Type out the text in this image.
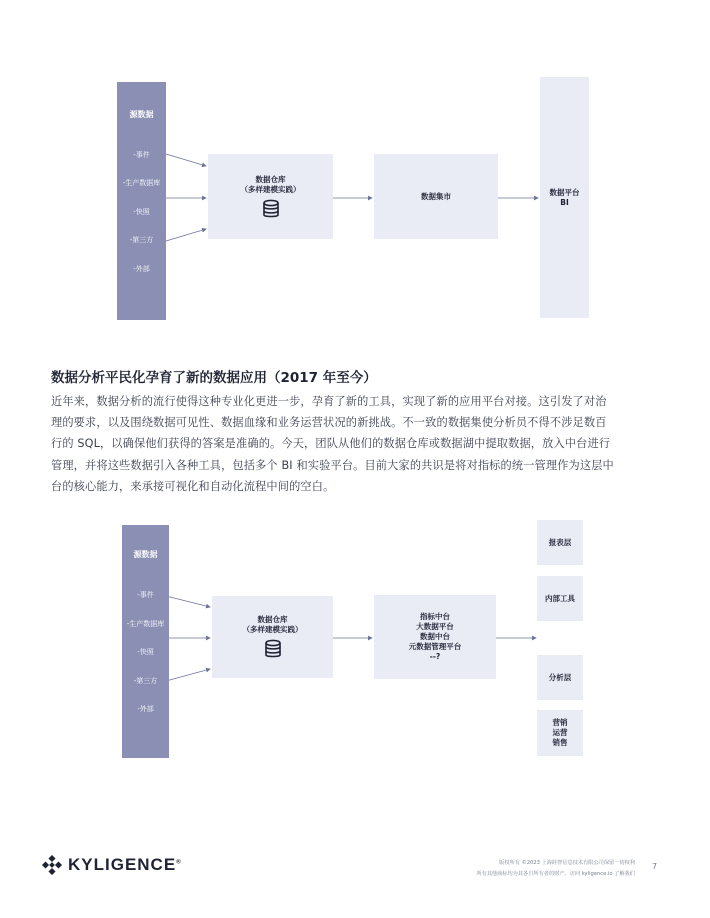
源数据

-事件

-生产数据库

-快照

-第三方

-外部

数据仓库
（多样建模实践）
数据集市	数据平台
BI
数据分析平民化孕育了新的数据应用（2017 年至今）
近年来，数据分析的流行使得这种专业化更进一步，孕育了新的工具，实现了新的应用平台对接。这引发了对治
理的要求，以及围绕数据可见性、数据血缘和业务运营状况的新挑战。不一致的数据集使分析员不得不涉足数百
行的 SQL，以确保他们获得的答案是准确的。今天，团队从他们的数据仓库或数据湖中提取数据，放入中台进行
管理，并将这些数据引入各种工具，包括多个 BI 和实验平台。目前大家的共识是将对指标的统一管理作为这层中
台的核心能力，来承接可视化和自动化流程中间的空白。
源数据

-事件

-生产数据库

-快照

-第三方

-外部

数据仓库
（多样建模实践）
指标中台
大数据平台
数据中台
元数据管理平台
--?
报表层
内部工具
分析层
营销
运营
销售
KYLIGENCE®	版权所有 ©2023 上海跬智信息技术有限公司保留一切权利
所有其他商标均为其各自所有者的财产。访问 kyligence.io 了解我们
7
